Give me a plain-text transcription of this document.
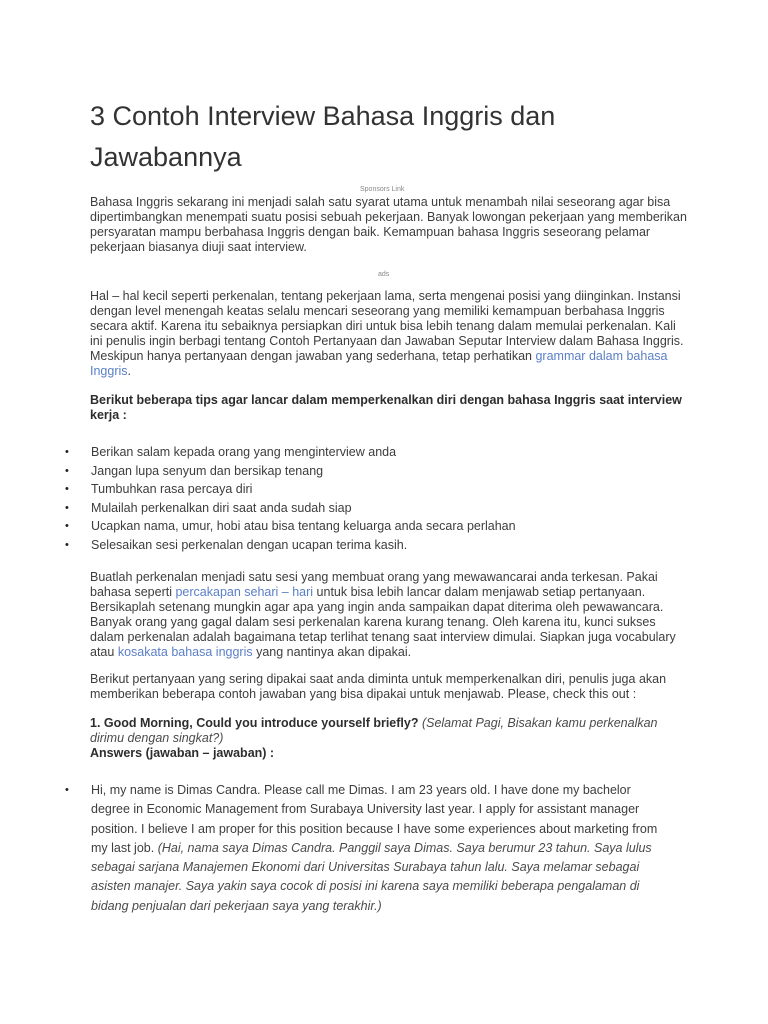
3 Contoh Interview Bahasa Inggris dan Jawabannya
Sponsors Link

Bahasa Inggris sekarang ini menjadi salah satu syarat utama untuk menambah nilai seseorang agar bisa dipertimbangkan menempati suatu posisi sebuah pekerjaan. Banyak lowongan pekerjaan yang memberikan persyaratan mampu berbahasa Inggris dengan baik. Kemampuan bahasa Inggris seseorang pelamar pekerjaan biasanya diuji saat interview.

ads

Hal – hal kecil seperti perkenalan, tentang pekerjaan lama, serta mengenai posisi yang diinginkan. Instansi dengan level menengah keatas selalu mencari seseorang yang memiliki kemampuan berbahasa Inggris secara aktif. Karena itu sebaiknya persiapkan diri untuk bisa lebih tenang dalam memulai perkenalan. Kali ini penulis ingin berbagi tentang Contoh Pertanyaan dan Jawaban Seputar Interview dalam Bahasa Inggris. Meskipun hanya pertanyaan dengan jawaban yang sederhana, tetap perhatikan grammar dalam bahasa Inggris.

Berikut beberapa tips agar lancar dalam memperkenalkan diri dengan bahasa Inggris saat interview kerja :

• Berikan salam kepada orang yang menginterview anda
• Jangan lupa senyum dan bersikap tenang
• Tumbuhkan rasa percaya diri
• Mulailah perkenalkan diri saat anda sudah siap
• Ucapkan nama, umur, hobi atau bisa tentang keluarga anda secara perlahan
• Selesaikan sesi perkenalan dengan ucapan terima kasih.

Buatlah perkenalan menjadi satu sesi yang membuat orang yang mewawancarai anda terkesan. Pakai bahasa seperti percakapan sehari – hari untuk bisa lebih lancar dalam menjawab setiap pertanyaan. Bersikaplah setenang mungkin agar apa yang ingin anda sampaikan dapat diterima oleh pewawancara. Banyak orang yang gagal dalam sesi perkenalan karena kurang tenang. Oleh karena itu, kunci sukses dalam perkenalan adalah bagaimana tetap terlihat tenang saat interview dimulai. Siapkan juga vocabulary atau kosakata bahasa inggris yang nantinya akan dipakai.

Berikut pertanyaan yang sering dipakai saat anda diminta untuk memperkenalkan diri, penulis juga akan memberikan beberapa contoh jawaban yang bisa dipakai untuk menjawab. Please, check this out :

1. Good Morning, Could you introduce yourself briefly? (Selamat Pagi, Bisakan kamu perkenalkan dirimu dengan singkat?)
Answers (jawaban – jawaban) :

•	Hi, my name is Dimas Candra. Please call me Dimas. I am 23 years old. I have done my bachelor degree in Economic Management from Surabaya University last year. I apply for assistant manager position. I believe I am proper for this position because I have some experiences about marketing from my last job. (Hai, nama saya Dimas Candra. Panggil saya Dimas. Saya berumur 23 tahun. Saya lulus sebagai sarjana Manajemen Ekonomi dari Universitas Surabaya tahun lalu. Saya melamar sebagai asisten manajer. Saya yakin saya cocok di posisi ini karena saya memiliki beberapa pengalaman di bidang penjualan dari pekerjaan saya yang terakhir.)
